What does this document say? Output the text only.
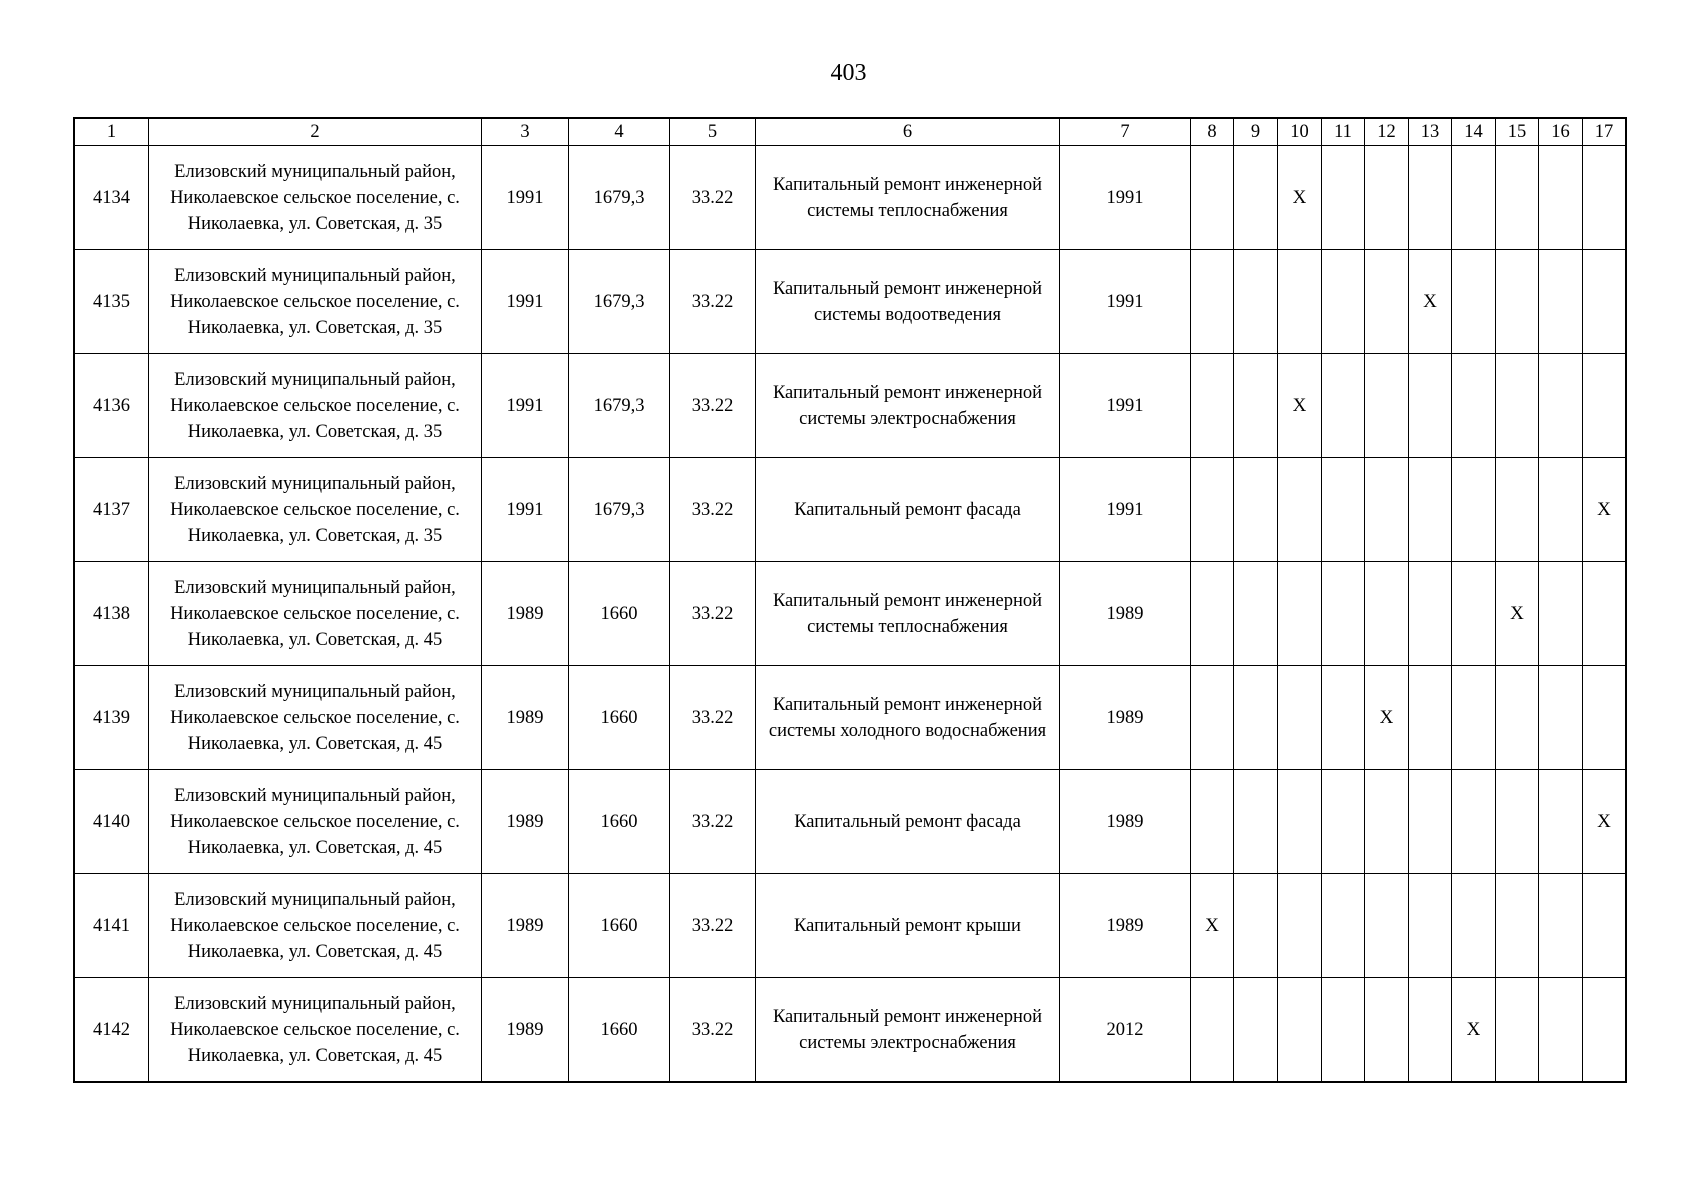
403
1	2	3	4	5	6	7	8	9	10	11	12	13	14	15	16	17
4134	Елизовский муниципальный район, Николаевское сельское поселение, с. Николаевка, ул. Советская, д. 35	1991	1679,3	33.22	Капитальный ремонт инженерной системы теплоснабжения	1991			X							
4135	Елизовский муниципальный район, Николаевское сельское поселение, с. Николаевка, ул. Советская, д. 35	1991	1679,3	33.22	Капитальный ремонт инженерной системы водоотведения	1991						X				
4136	Елизовский муниципальный район, Николаевское сельское поселение, с. Николаевка, ул. Советская, д. 35	1991	1679,3	33.22	Капитальный ремонт инженерной системы электроснабжения	1991			X							
4137	Елизовский муниципальный район, Николаевское сельское поселение, с. Николаевка, ул. Советская, д. 35	1991	1679,3	33.22	Капитальный ремонт фасада	1991										X
4138	Елизовский муниципальный район, Николаевское сельское поселение, с. Николаевка, ул. Советская, д. 45	1989	1660	33.22	Капитальный ремонт инженерной системы теплоснабжения	1989								X		
4139	Елизовский муниципальный район, Николаевское сельское поселение, с. Николаевка, ул. Советская, д. 45	1989	1660	33.22	Капитальный ремонт инженерной системы холодного водоснабжения	1989					X					
4140	Елизовский муниципальный район, Николаевское сельское поселение, с. Николаевка, ул. Советская, д. 45	1989	1660	33.22	Капитальный ремонт фасада	1989										X
4141	Елизовский муниципальный район, Николаевское сельское поселение, с. Николаевка, ул. Советская, д. 45	1989	1660	33.22	Капитальный ремонт крыши	1989	X									
4142	Елизовский муниципальный район, Николаевское сельское поселение, с. Николаевка, ул. Советская, д. 45	1989	1660	33.22	Капитальный ремонт инженерной системы электроснабжения	2012							X			
